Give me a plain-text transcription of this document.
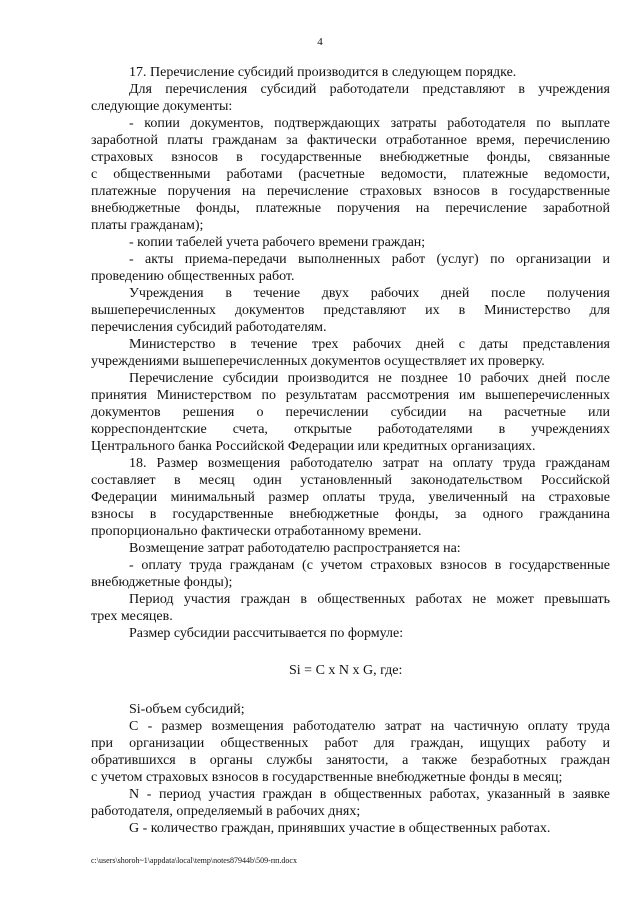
4

17. Перечисление субсидий производится в следующем порядке.

Для перечисления субсидий работодатели представляют в учреждения

следующие документы:

- копии документов, подтверждающих затраты работодателя по выплате

заработной платы гражданам за фактически отработанное время, перечислению

страховых взносов в государственные внебюджетные фонды, связанные

с общественными работами (расчетные ведомости, платежные ведомости,

платежные поручения на перечисление страховых взносов в государственные

внебюджетные фонды, платежные поручения на перечисление заработной

платы гражданам);

- копии табелей учета рабочего времени граждан;

- акты приема-передачи выполненных работ (услуг) по организации и

проведению общественных работ.

Учреждения в течение двух рабочих дней после получения

вышеперечисленных документов представляют их в Министерство для

перечисления субсидий работодателям.

Министерство в течение трех рабочих дней с даты представления

учреждениями вышеперечисленных документов осуществляет их проверку.

Перечисление субсидии производится не позднее 10 рабочих дней после

принятия Министерством по результатам рассмотрения им вышеперечисленных

документов решения о перечислении субсидии на расчетные или

корреспондентские счета, открытые работодателями в учреждениях

Центрального банка Российской Федерации или кредитных организациях.

18. Размер возмещения работодателю затрат на оплату труда гражданам

составляет в месяц один установленный законодательством Российской

Федерации минимальный размер оплаты труда, увеличенный на страховые

взносы в государственные внебюджетные фонды, за одного гражданина

пропорционально фактически отработанному времени.

Возмещение затрат работодателю распространяется на:

- оплату труда гражданам (с учетом страховых взносов в государственные

внебюджетные фонды);

Период участия граждан в общественных работах не может превышать

трех месяцев.

Размер субсидии рассчитывается по формуле:

Si = C x N x G, где:

Si-объем субсидий;

С - размер возмещения работодателю затрат на частичную оплату труда

при организации общественных работ для граждан, ищущих работу и

обратившихся в органы службы занятости, а также безработных граждан

с учетом страховых взносов в государственные внебюджетные фонды в месяц;

N - период участия граждан в общественных работах, указанный в заявке

работодателя, определяемый в рабочих днях;

G - количество граждан, принявших участие в общественных работах.

c:\users\shoroh~1\appdata\local\temp\notes87944b\509-пп.docx
